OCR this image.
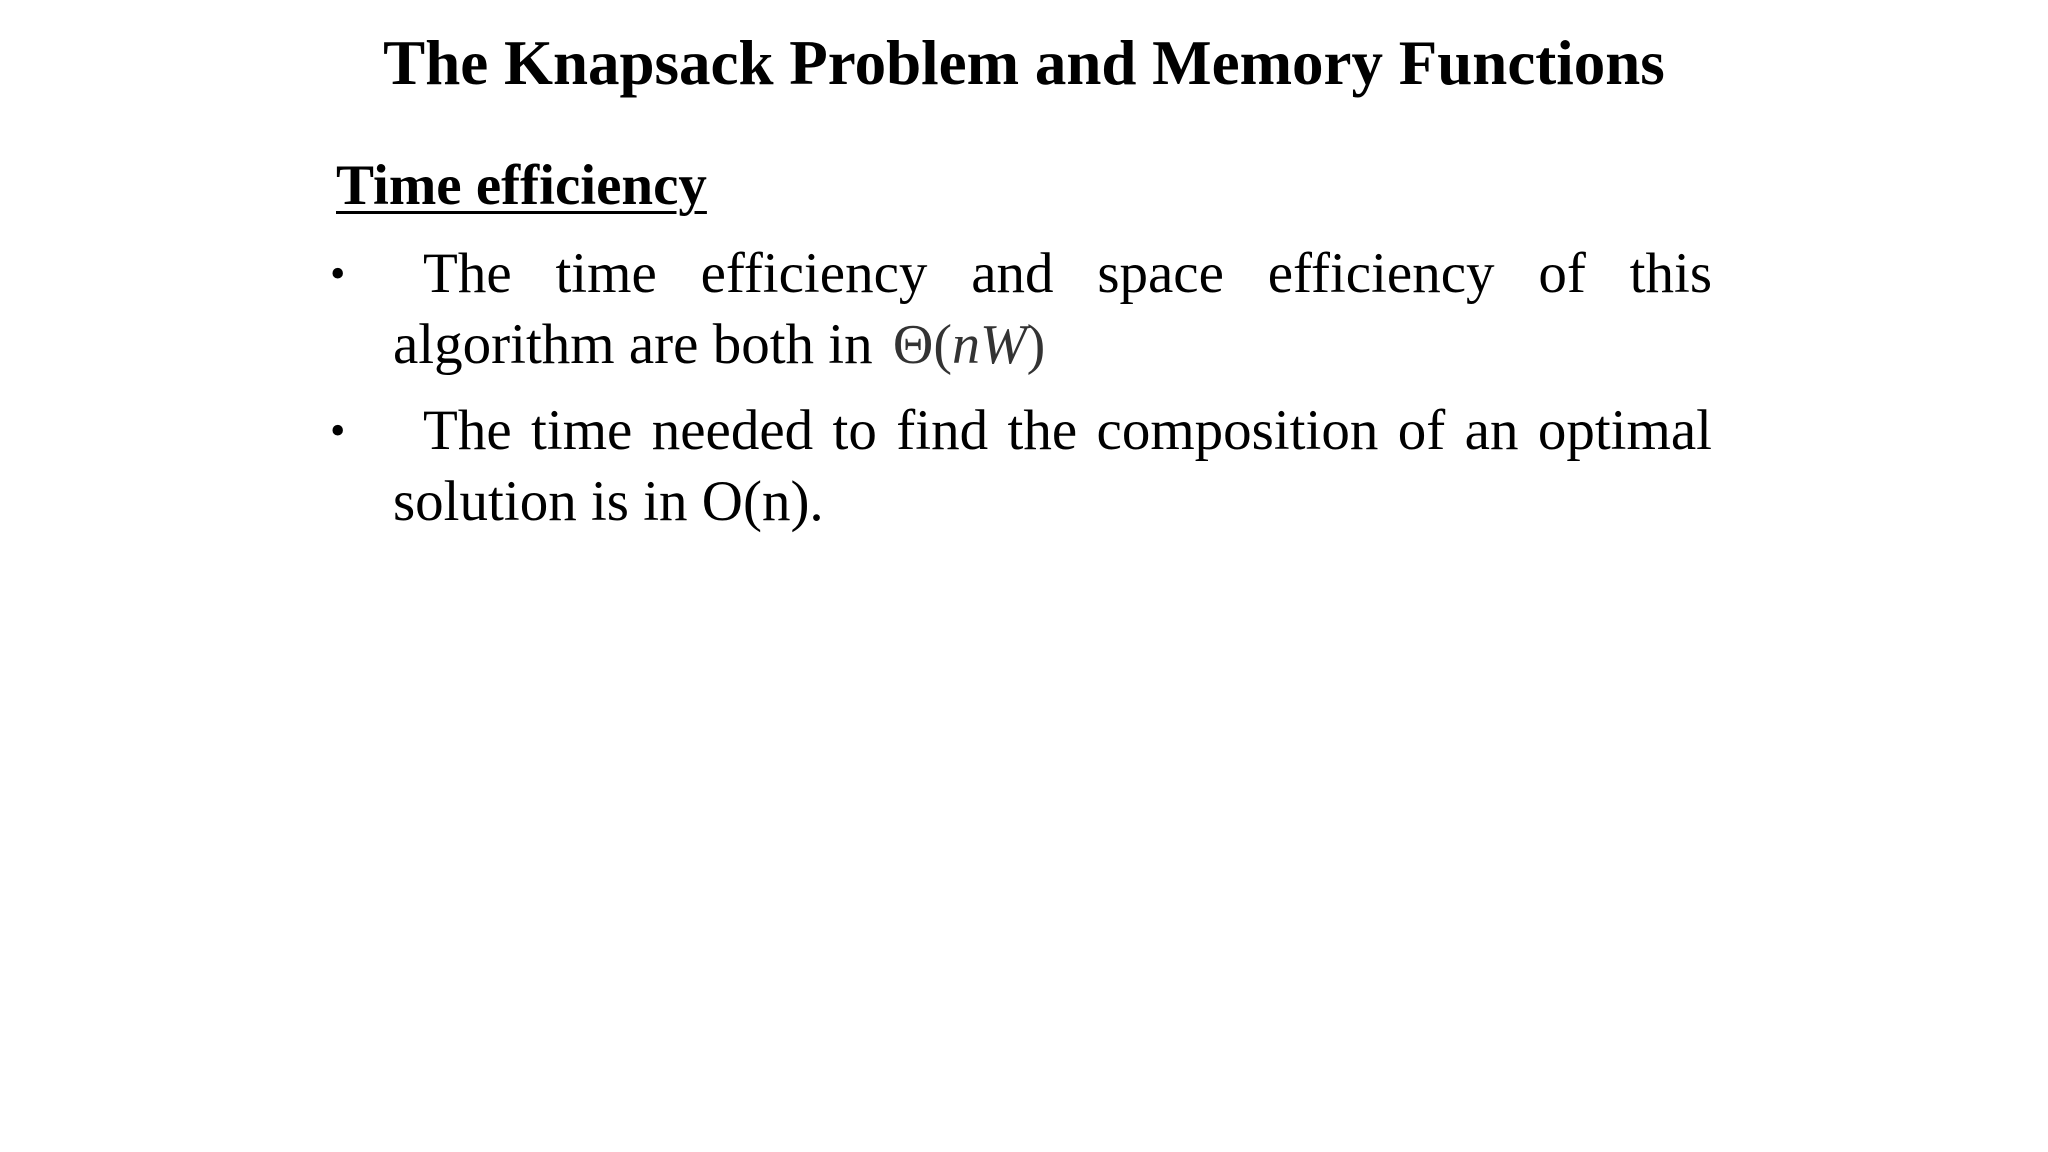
The Knapsack Problem and Memory Functions
Time efficiency
• The time efficiency and space efficiency of this algorithm are both in Θ(nW)
• The time needed to find the composition of an optimal solution is in O(n).
